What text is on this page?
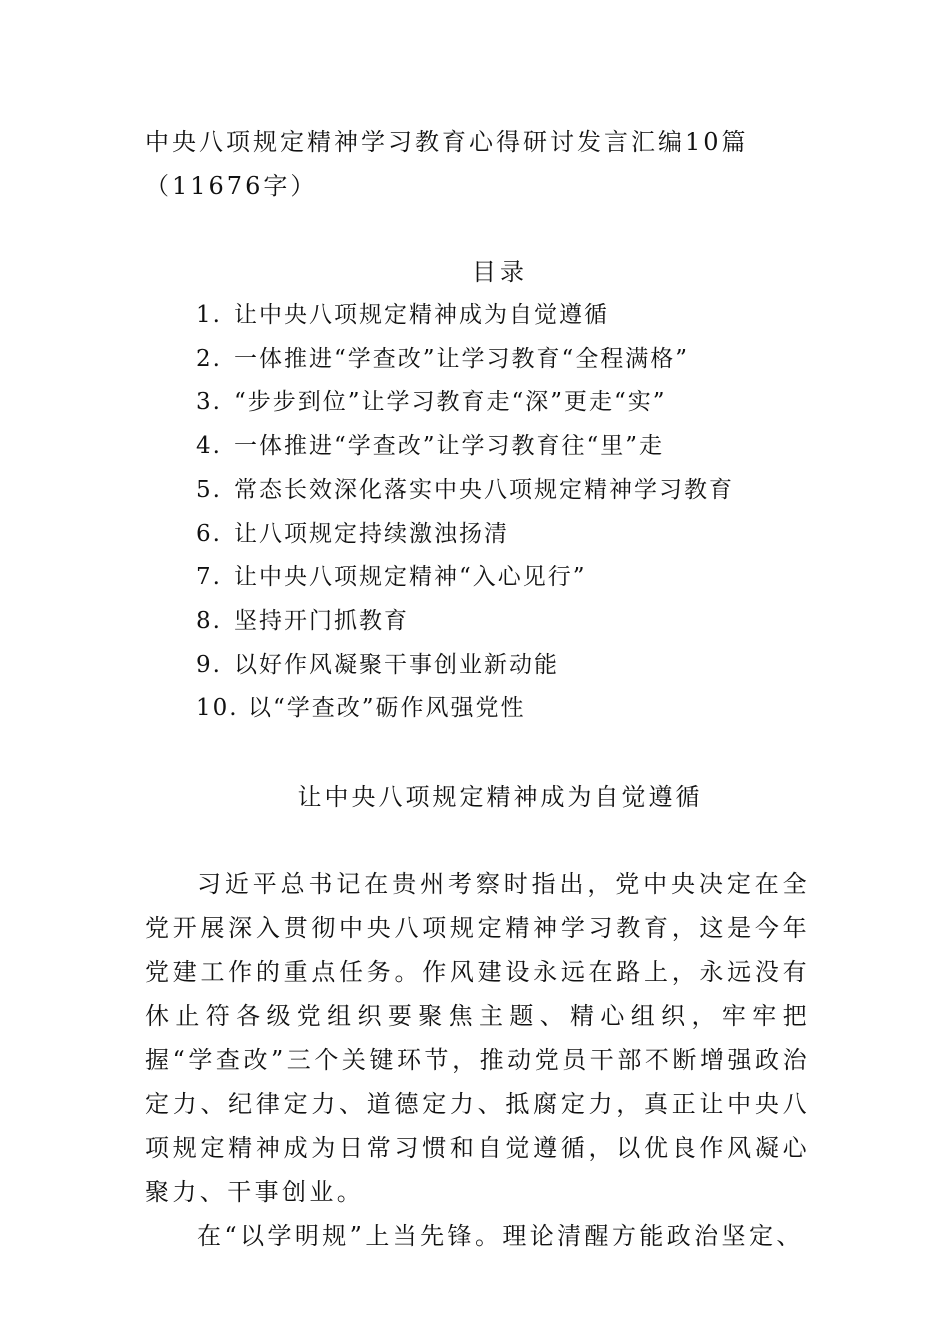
中央八项规定精神学习教育心得研讨发言汇编10篇（11676字）
目录
1. 让中央八项规定精神成为自觉遵循
2. 一体推进“学查改”让学习教育“全程满格”
3. “步步到位”让学习教育走“深”更走“实”
4. 一体推进“学查改”让学习教育往“里”走
5. 常态长效深化落实中央八项规定精神学习教育
6. 让八项规定持续激浊扬清
7. 让中央八项规定精神“入心见行”
8. 坚持开门抓教育
9. 以好作风凝聚干事创业新动能
10. 以“学查改”砺作风强党性
让中央八项规定精神成为自觉遵循

习近平总书记在贵州考察时指出，党中央决定在全党开展深入贯彻中央八项规定精神学习教育，这是今年党建工作的重点任务。作风建设永远在路上，永远没有休止符各级党组织要聚焦主题、精心组织，牢牢把握“学查改”三个关键环节，推动党员干部不断增强政治定力、纪律定力、道德定力、抵腐定力，真正让中央八项规定精神成为日常习惯和自觉遵循，以优良作风凝心聚力、干事创业。

在“以学明规”上当先锋。理论清醒方能政治坚定、
